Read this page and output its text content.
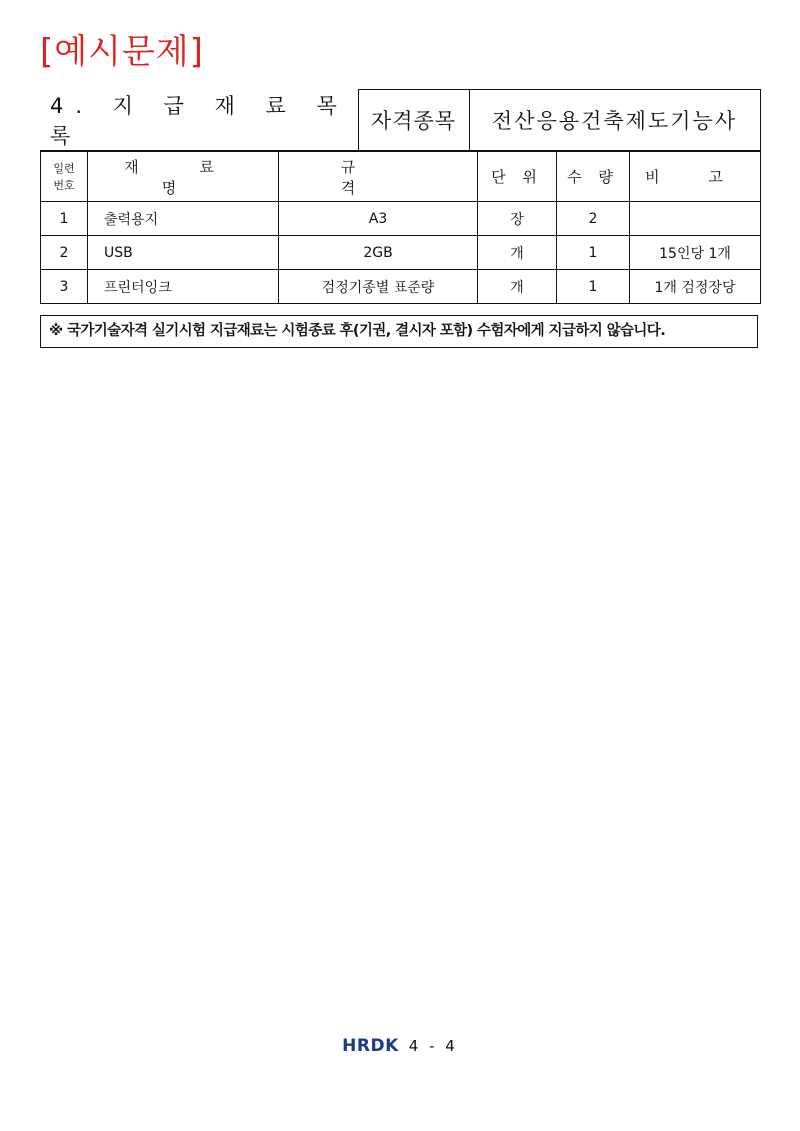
[예시문제]
4. 지 급 재 료 목 록	자격종목	전산응용건축제도기능사
일련
번호	재 료 명	규 격	단 위	수 량	비 고
1	출력용지	A3	장	2	
2	USB	2GB	개	1	15인당 1개
3	프린터잉크	검정기종별 표준량	개	1	1개 검정장당
※ 국가기술자격 실기시험 지급재료는 시험종료 후(기권, 결시자 포함) 수험자에게 지급하지 않습니다.
HRDK 4 - 4
